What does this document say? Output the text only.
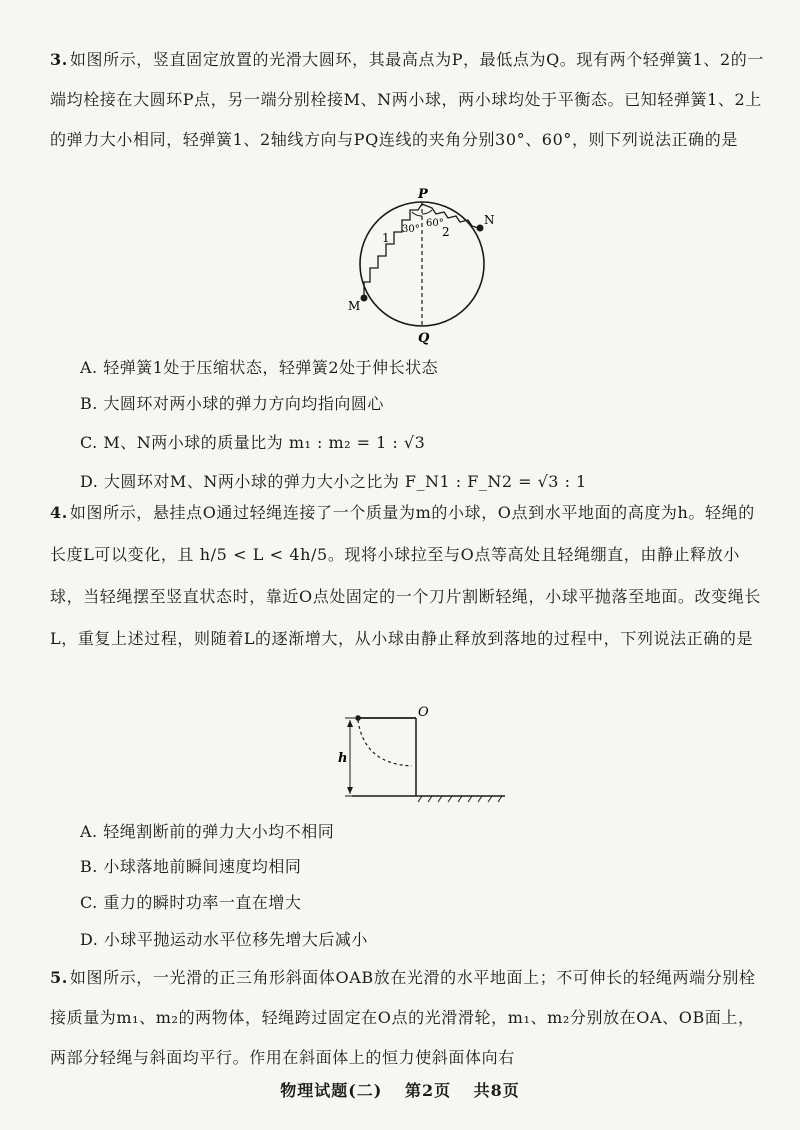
3. 如图所示，竖直固定放置的光滑大圆环，其最高点为P，最低点为Q。现有两个轻弹簧1、2的一端均栓接在大圆环P点，另一端分别栓接M、N两小球，两小球均处于平衡态。已知轻弹簧1、2上的弹力大小相同，轻弹簧1、2轴线方向与PQ连线的夹角分别30°、60°，则下列说法正确的是
P
Q
M
N
1	2
30°
60°
A. 轻弹簧1处于压缩状态，轻弹簧2处于伸长状态
B. 大圆环对两小球的弹力方向均指向圆心
C. M、N两小球的质量比为 m₁ : m₂ = 1 : √3
D. 大圆环对M、N两小球的弹力大小之比为 F_N1 : F_N2 = √3 : 1
4. 如图所示，悬挂点O通过轻绳连接了一个质量为m的小球，O点到水平地面的高度为h。轻绳的长度L可以变化，且 h/5 < L < 4h/5。现将小球拉至与O点等高处且轻绳绷直，由静止释放小球，当轻绳摆至竖直状态时，靠近O点处固定的一个刀片割断轻绳，小球平抛落至地面。改变绳长L，重复上述过程，则随着L的逐渐增大，从小球由静止释放到落地的过程中，下列说法正确的是
h
O
A. 轻绳割断前的弹力大小均不相同
B. 小球落地前瞬间速度均相同
C. 重力的瞬时功率一直在增大
D. 小球平抛运动水平位移先增大后减小
5. 如图所示，一光滑的正三角形斜面体OAB放在光滑的水平地面上；不可伸长的轻绳两端分别栓接质量为m₁、m₂的两物体，轻绳跨过固定在O点的光滑滑轮，m₁、m₂分别放在OA、OB面上，两部分轻绳与斜面均平行。作用在斜面体上的恒力使斜面体向右
物理试题(二) 第2页 共8页
